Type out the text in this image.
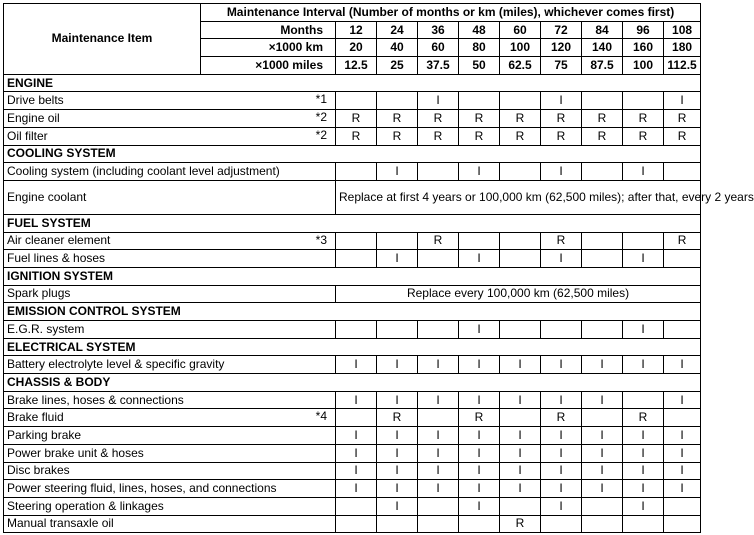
Maintenance Item	Maintenance Interval (Number of months or km (miles), whichever comes first)									
	Months	12	24	36	48	60	72	84	96	108
	×1000 km	20	40	60	80	100	120	140	160	180
	×1000 miles	12.5	25	37.5	50	62.5	75	87.5	100	112.5
ENGINE										
Drive belts *1				I			I			I
Engine oil *2		R	R	R	R	R	R	R	R	R
Oil filter *2		R	R	R	R	R	R	R	R	R
COOLING SYSTEM										
Cooling system (including coolant level adjustment)			I		I		I		I	
Engine coolant		Replace at first 4 years or 100,000 km (62,500 miles); after that, every 2 years								
FUEL SYSTEM										
Air cleaner element *3				R			R			R
Fuel lines & hoses			I		I		I		I	
IGNITION SYSTEM										
Spark plugs		Replace every 100,000 km (62,500 miles)								
EMISSION CONTROL SYSTEM										
E.G.R. system					I				I	
ELECTRICAL SYSTEM										
Battery electrolyte level & specific gravity		I	I	I	I	I	I	I	I	I
CHASSIS & BODY										
Brake lines, hoses & connections		I	I	I	I	I	I	I		I
Brake fluid *4			R		R		R		R	
Parking brake		I	I	I	I	I	I	I	I	I
Power brake unit & hoses		I	I	I	I	I	I	I	I	I
Disc brakes		I	I	I	I	I	I	I	I	I
Power steering fluid, lines, hoses, and connections		I	I	I	I	I	I	I	I	I
Steering operation & linkages			I		I		I		I	
Manual transaxle oil						R				
